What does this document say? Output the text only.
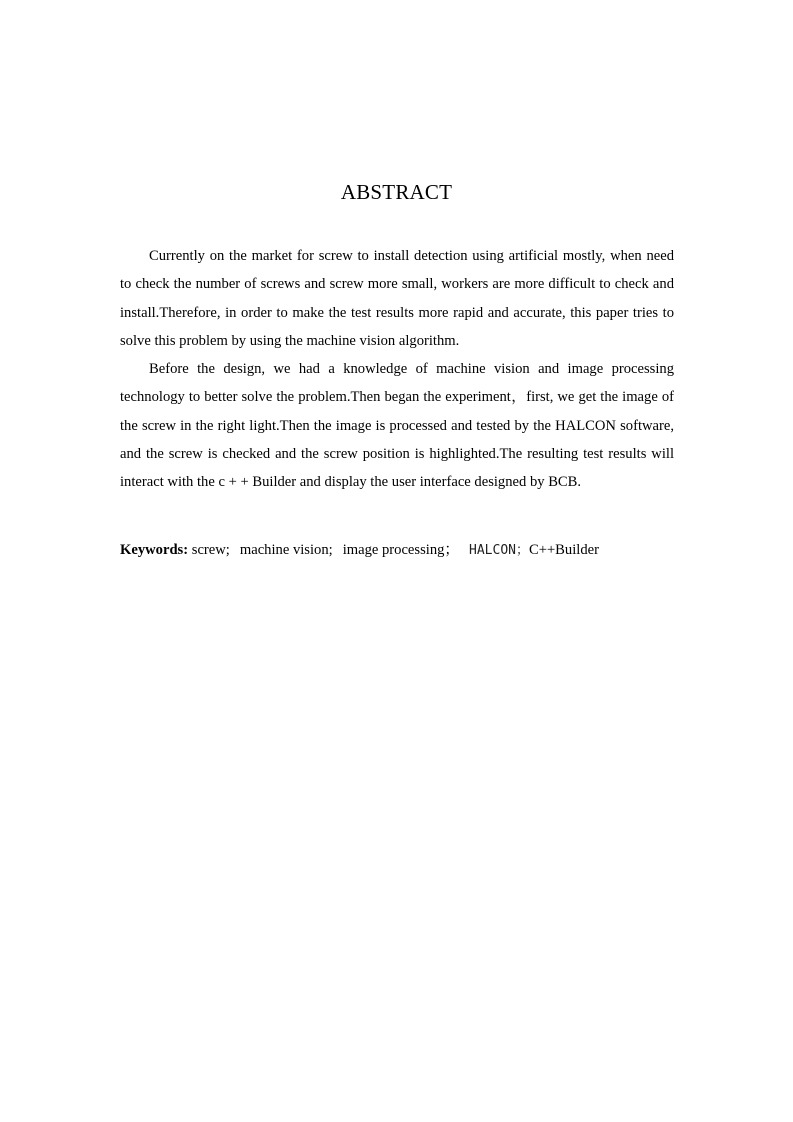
ABSTRACT

Currently on the market for screw to install detection using artificial mostly, when need to check the number of screws and screw more small, workers are more difficult to check and install.Therefore, in order to make the test results more rapid and accurate, this paper tries to solve this problem by using the machine vision algorithm.

Before the design, we had a knowledge of machine vision and image processing technology to better solve the problem.Then began the experiment，first, we get the image of the screw in the right light.Then the image is processed and tested by the HALCON software, and the screw is checked and the screw position is highlighted.The resulting test results will interact with the c + + Builder and display the user interface designed by BCB.

Keywords: screw; machine vision; image processing； HALCON；C++Builder
